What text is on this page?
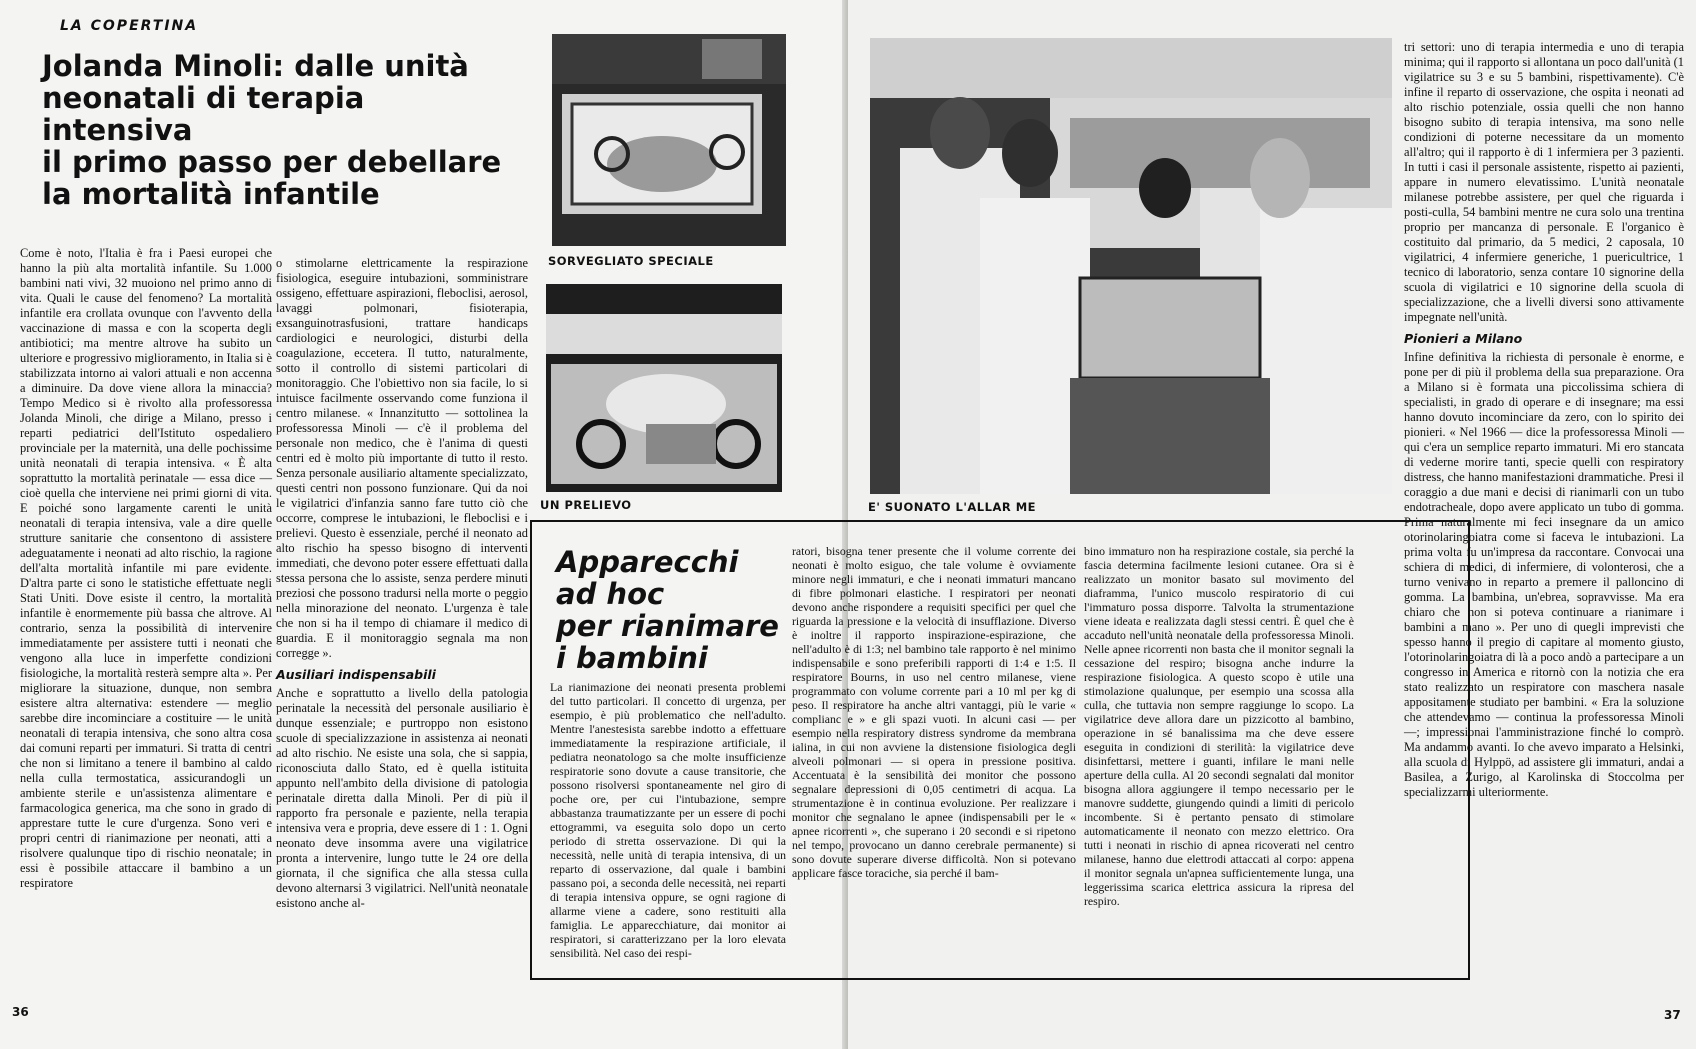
LA COPERTINA
Jolanda Minoli: dalle unità
neonatali di terapia intensiva
il primo passo per debellare
la mortalità infantile

Come è noto, l'Italia è fra i Paesi europei che hanno la più alta mortalità infantile. Su 1.000 bambini nati vivi, 32 muoiono nel primo anno di vita. Quali le cause del fenomeno? La mortalità infantile era crollata ovunque con l'avvento della vaccinazione di massa e con la scoperta degli antibiotici; ma mentre altrove ha subito un ulteriore e progressivo miglioramento, in Italia si è stabilizzata intorno ai valori attuali e non accenna a diminuire. Da dove viene allora la minaccia? Tempo Medico si è rivolto alla professoressa Jolanda Minoli, che dirige a Milano, presso i reparti pediatrici dell'Istituto ospedaliero provinciale per la maternità, una delle pochissime unità neonatali di terapia intensiva. « È alta soprattutto la mortalità perinatale — essa dice — cioè quella che interviene nei primi giorni di vita. E poiché sono largamente carenti le unità neonatali di terapia intensiva, vale a dire quelle strutture sanitarie che consentono di assistere adeguatamente i neonati ad alto rischio, la ragione dell'alta mortalità infantile mi pare evidente. D'altra parte ci sono le statistiche effettuate negli Stati Uniti. Dove esiste il centro, la mortalità infantile è enormemente più bassa che altrove. Al contrario, senza la possibilità di intervenire immediatamente per assistere tutti i neonati che vengono alla luce in imperfette condizioni fisiologiche, la mortalità resterà sempre alta ». Per migliorare la situazione, dunque, non sembra esistere altra alternativa: estendere — meglio sarebbe dire incominciare a costituire — le unità neonatali di terapia intensiva, che sono altra cosa dai comuni reparti per immaturi. Si tratta di centri che non si limitano a tenere il bambino al caldo nella culla termostatica, assicurandogli un ambiente sterile e un'assistenza alimentare e farmacologica generica, ma che sono in grado di apprestare tutte le cure d'urgenza. Sono veri e propri centri di rianimazione per neonati, atti a risolvere qualunque tipo di rischio neonatale; in essi è possibile attaccare il bambino a un respiratore

o stimolarne elettricamente la respirazione fisiologica, eseguire intubazioni, somministrare ossigeno, effettuare aspirazioni, fleboclisi, aerosol, lavaggi polmonari, fisioterapia, exsanguinotrasfusioni, trattare handicaps cardiologici e neurologici, disturbi della coagulazione, eccetera. Il tutto, naturalmente, sotto il controllo di sistemi particolari di monitoraggio. Che l'obiettivo non sia facile, lo si intuisce facilmente osservando come funziona il centro milanese. « Innanzitutto — sottolinea la professoressa Minoli — c'è il problema del personale non medico, che è l'anima di questi centri ed è molto più importante di tutto il resto. Senza personale ausiliario altamente specializzato, questi centri non possono funzionare. Qui da noi le vigilatrici d'infanzia sanno fare tutto ciò che occorre, comprese le intubazioni, le fleboclisi e i prelievi. Questo è essenziale, perché il neonato ad alto rischio ha spesso bisogno di interventi immediati, che devono poter essere effettuati dalla stessa persona che lo assiste, senza perdere minuti preziosi che possono tradursi nella morte o peggio nella minorazione del neonato. L'urgenza è tale che non si ha il tempo di chiamare il medico di guardia. E il monitoraggio segnala ma non corregge ».

Ausiliari indispensabili

Anche e soprattutto a livello della patologia perinatale la necessità del personale ausiliario è dunque essenziale; e purtroppo non esistono scuole di specializzazione in assistenza ai neonati ad alto rischio. Ne esiste una sola, che si sappia, riconosciuta dallo Stato, ed è quella istituita appunto nell'ambito della divisione di patologia perinatale diretta dalla Minoli. Per di più il rapporto fra personale e paziente, nella terapia intensiva vera e propria, deve essere di 1 : 1. Ogni neonato deve insomma avere una vigilatrice pronta a intervenire, lungo tutte le 24 ore della giornata, il che significa che alla stessa culla devono alternarsi 3 vigilatrici. Nell'unità neonatale esistono anche al-

SORVEGLIATO SPECIALE
UN PRELIEVO
36
E' SUONATO L'ALLAR ME
Apparecchi
ad hoc
per rianimare
i bambini

La rianimazione dei neonati presenta problemi del tutto particolari. Il concetto di urgenza, per esempio, è più problematico che nell'adulto. Mentre l'anestesista sarebbe indotto a effettuare immediatamente la respirazione artificiale, il pediatra neonatologo sa che molte insufficienze respiratorie sono dovute a cause transitorie, che possono risolversi spontaneamente nel giro di poche ore, per cui l'intubazione, sempre abbastanza traumatizzante per un essere di pochi ettogrammi, va eseguita solo dopo un certo periodo di stretta osservazione. Di qui la necessità, nelle unità di terapia intensiva, di un reparto di osservazione, dal quale i bambini passano poi, a seconda delle necessità, nei reparti di terapia intensiva oppure, se ogni ragione di allarme viene a cadere, sono restituiti alla famiglia. Le apparecchiature, dai monitor ai respiratori, si caratterizzano per la loro elevata sensibilità. Nel caso dei respi-

ratori, bisogna tener presente che il volume corrente dei neonati è molto esiguo, che tale volume è ovviamente minore negli immaturi, e che i neonati immaturi mancano di fibre polmonari elastiche. I respiratori per neonati devono anche rispondere a requisiti specifici per quel che riguarda la pressione e la velocità di insufflazione. Diverso è inoltre il rapporto inspirazione-espirazione, che nell'adulto è di 1:3; nel bambino tale rapporto è nel minimo indispensabile e sono preferibili rapporti di 1:4 e 1:5. Il respiratore Bourns, in uso nel centro milanese, viene programmato con volume corrente pari a 10 ml per kg di peso. Il respiratore ha anche altri vantaggi, più le varie « complianc e » e gli spazi vuoti. In alcuni casi — per esempio nella respiratory distress syndrome da membrana ialina, in cui non avviene la distensione fisiologica degli alveoli polmonari — si opera in pressione positiva. Accentuata è la sensibilità dei monitor che possono segnalare depressioni di 0,05 centimetri di acqua. La strumentazione è in continua evoluzione. Per realizzare i monitor che segnalano le apnee (indispensabili per le « apnee ricorrenti », che superano i 20 secondi e si ripetono nel tempo, provocano un danno cerebrale permanente) si sono dovute superare diverse difficoltà. Non si potevano applicare fasce toraciche, sia perché il bam-

bino immaturo non ha respirazione costale, sia perché la fascia determina facilmente lesioni cutanee. Ora si è realizzato un monitor basato sul movimento del diaframma, l'unico muscolo respiratorio di cui l'immaturo possa disporre. Talvolta la strumentazione viene ideata e realizzata dagli stessi centri. È quel che è accaduto nell'unità neonatale della professoressa Minoli. Nelle apnee ricorrenti non basta che il monitor segnali la cessazione del respiro; bisogna anche indurre la respirazione fisiologica. A questo scopo è utile una stimolazione qualunque, per esempio una scossa alla culla, che tuttavia non sempre raggiunge lo scopo. La vigilatrice deve allora dare un pizzicotto al bambino, operazione in sé banalissima ma che deve essere eseguita in condizioni di sterilità: la vigilatrice deve disinfettarsi, mettere i guanti, infilare le mani nelle aperture della culla. Al 20 secondi segnalati dal monitor bisogna allora aggiungere il tempo necessario per le manovre suddette, giungendo quindi a limiti di pericolo incombente. Si è pertanto pensato di stimolare automaticamente il neonato con mezzo elettrico. Ora tutti i neonati in rischio di apnea ricoverati nel centro milanese, hanno due elettrodi attaccati al corpo: appena il monitor segnala un'apnea sufficientemente lunga, una leggerissima scarica elettrica assicura la ripresa del respiro.

tri settori: uno di terapia intermedia e uno di terapia minima; qui il rapporto si allontana un poco dall'unità (1 vigilatrice su 3 e su 5 bambini, rispettivamente). C'è infine il reparto di osservazione, che ospita i neonati ad alto rischio potenziale, ossia quelli che non hanno bisogno subito di terapia intensiva, ma sono nelle condizioni di poterne necessitare da un momento all'altro; qui il rapporto è di 1 infermiera per 3 pazienti. In tutti i casi il personale assistente, rispetto ai pazienti, appare in numero elevatissimo. L'unità neonatale milanese potrebbe assistere, per quel che riguarda i posti-culla, 54 bambini mentre ne cura solo una trentina proprio per mancanza di personale. E l'organico è costituito dal primario, da 5 medici, 2 caposala, 10 vigilatrici, 4 infermiere generiche, 1 puericultrice, 1 tecnico di laboratorio, senza contare 10 signorine della scuola di vigilatrici e 10 signorine della scuola di specializzazione, che a livelli diversi sono attivamente impegnate nell'unità.

Pionieri a Milano

Infine definitiva la richiesta di personale è enorme, e pone per di più il problema della sua preparazione. Ora a Milano si è formata una piccolissima schiera di specialisti, in grado di operare e di insegnare; ma essi hanno dovuto incominciare da zero, con lo spirito dei pionieri. « Nel 1966 — dice la professoressa Minoli — qui c'era un semplice reparto immaturi. Mi ero stancata di vederne morire tanti, specie quelli con respiratory distress, che hanno manifestazioni drammatiche. Presi il coraggio a due mani e decisi di rianimarli con un tubo endotracheale, dopo avere applicato un tubo di gomma. Prima naturalmente mi feci insegnare da un amico otorinolaringoiatra come si faceva le intubazioni. La prima volta fu un'impresa da raccontare. Convocai una schiera di medici, di infermiere, di volonterosi, che a turno venivano in reparto a premere il palloncino di gomma. La bambina, un'ebrea, sopravvisse. Ma era chiaro che non si poteva continuare a rianimare i bambini a mano ». Per uno di quegli imprevisti che spesso hanno il pregio di capitare al momento giusto, l'otorinolaringoiatra di là a poco andò a partecipare a un congresso in America e ritornò con la notizia che era stato realizzato un respiratore con maschera nasale appositamente studiato per bambini. « Era la soluzione che attendevamo — continua la professoressa Minoli —; impressionai l'amministrazione finché lo comprò. Ma andammo avanti. Io che avevo imparato a Helsinki, alla scuola di Hylppö, ad assistere gli immaturi, andai a Basilea, a Zurigo, al Karolinska di Stoccolma per specializzarmi ulteriormente.

37
